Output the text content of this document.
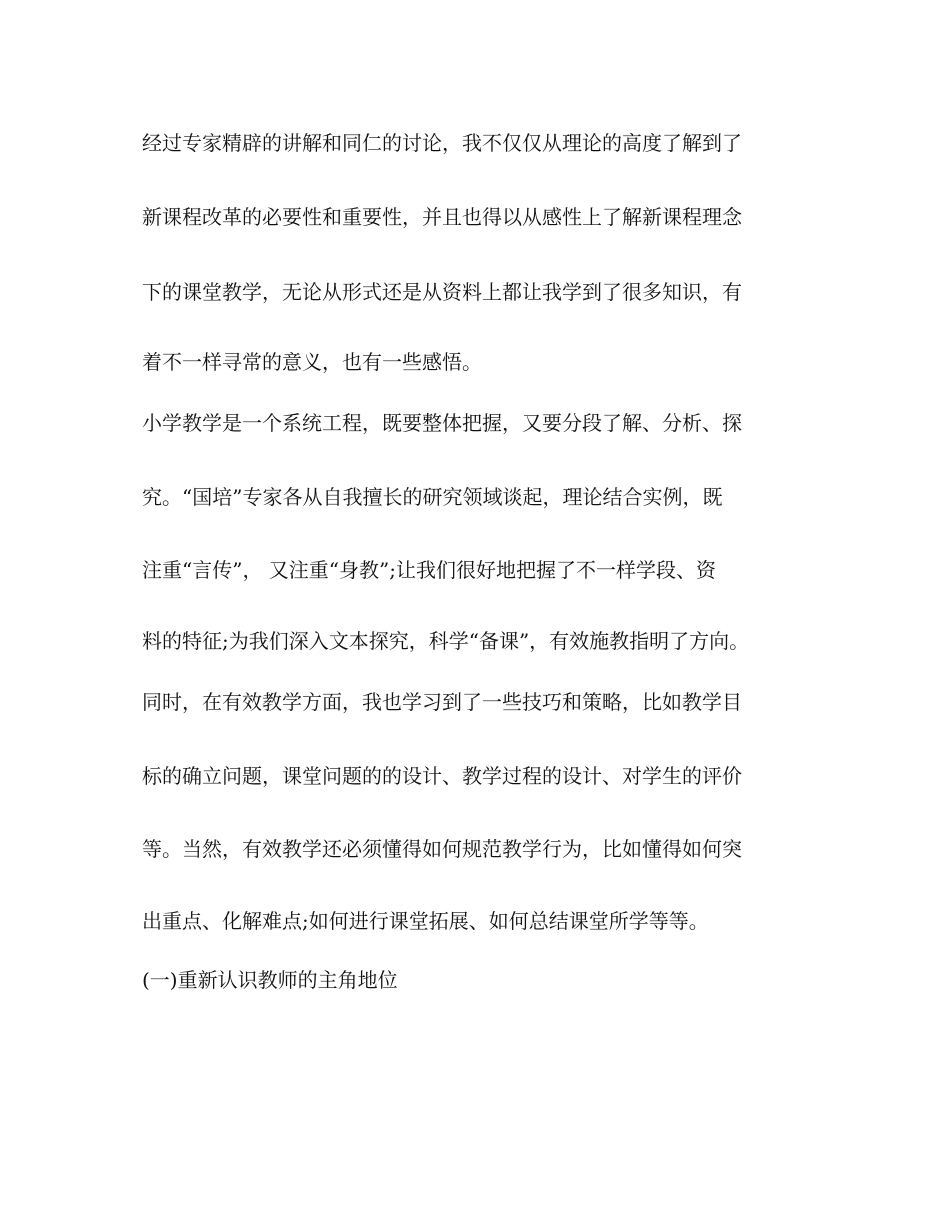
经过专家精辟的讲解和同仁的讨论，我不仅仅从理论的高度了解到了

新课程改革的必要性和重要性，并且也得以从感性上了解新课程理念

下的课堂教学，无论从形式还是从资料上都让我学到了很多知识，有

着不一样寻常的意义，也有一些感悟。

小学教学是一个系统工程，既要整体把握，又要分段了解、分析、探

究。“国培”专家各从自我擅长的研究领域谈起，理论结合实例，既

注重“言传”， 又注重“身教”;让我们很好地把握了不一样学段、资

料的特征;为我们深入文本探究，科学“备课”，有效施教指明了方向。

同时，在有效教学方面，我也学习到了一些技巧和策略，比如教学目

标的确立问题，课堂问题的的设计、教学过程的设计、对学生的评价

等。当然，有效教学还必须懂得如何规范教学行为，比如懂得如何突

出重点、化解难点;如何进行课堂拓展、如何总结课堂所学等等。

(一)重新认识教师的主角地位
